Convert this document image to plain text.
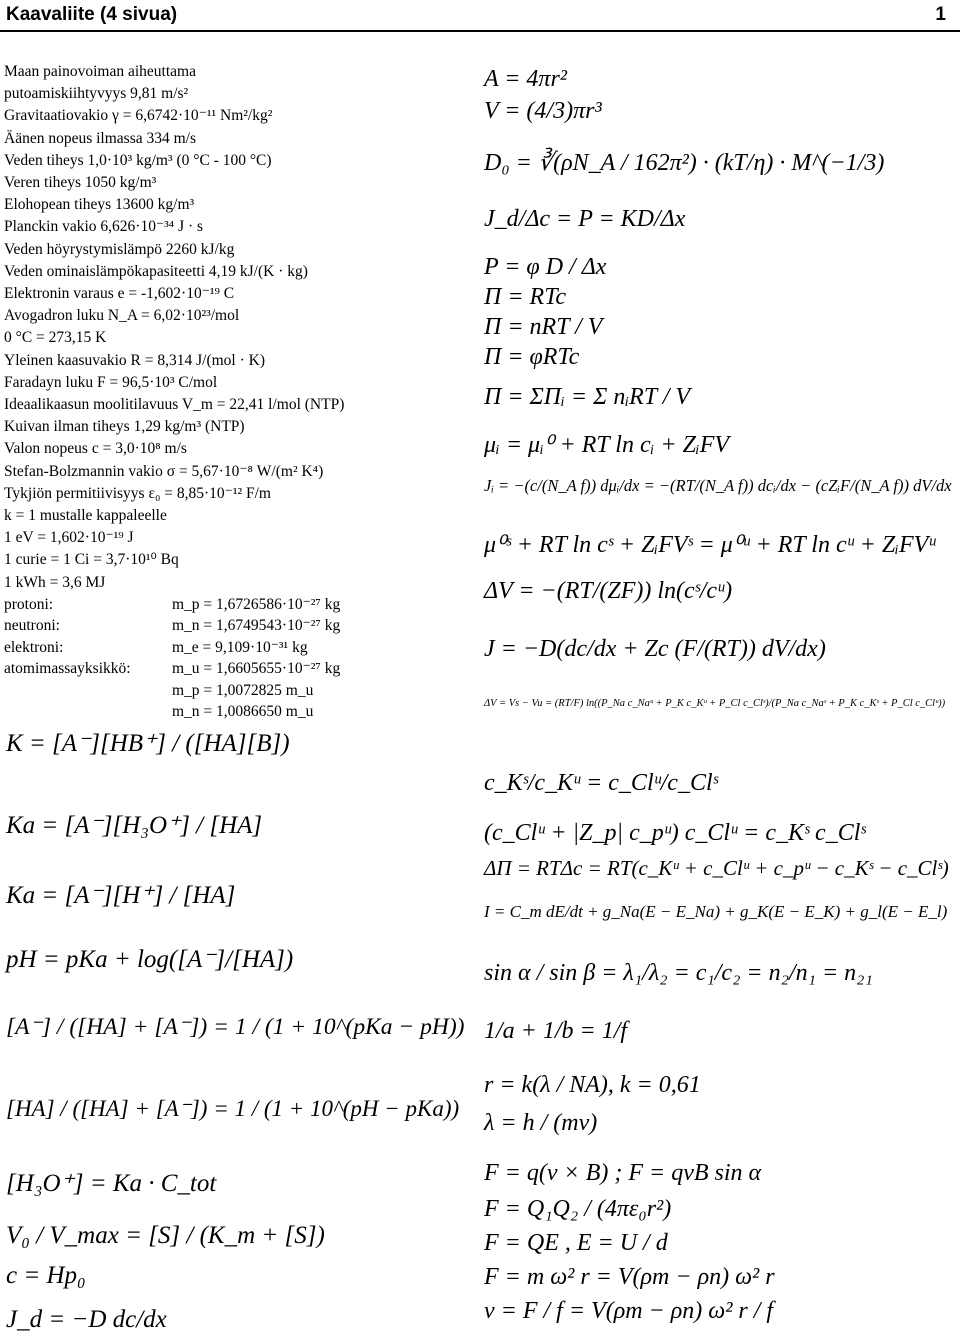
Kaavaliite (4 sivua)	1
Maan painovoiman aiheuttama
putoamiskiihtyvyys 9,81 m/s²
Gravitaatiovakio γ = 6,6742·10⁻¹¹ Nm²/kg²
Äänen nopeus ilmassa 334 m/s
Veden tiheys 1,0·10³ kg/m³ (0 °C - 100 °C)
Veren tiheys 1050 kg/m³
Elohopean tiheys 13600 kg/m³
Planckin vakio 6,626·10⁻³⁴ J · s
Veden höyrystymislämpö 2260 kJ/kg
Veden ominaislämpökapasiteetti 4,19 kJ/(K · kg)
Elektronin varaus e = -1,602·10⁻¹⁹ C
Avogadron luku N_A = 6,02·10²³/mol
0 °C = 273,15 K
Yleinen kaasuvakio R = 8,314 J/(mol · K)
Faradayn luku F = 96,5·10³ C/mol
Ideaalikaasun moolitilavuus V_m = 22,41 l/mol (NTP)
Kuivan ilman tiheys 1,29 kg/m³ (NTP)
Valon nopeus c = 3,0·10⁸ m/s
Stefan-Bolzmannin vakio σ = 5,67·10⁻⁸ W/(m² K⁴)
Tykjiön permitiivisyys ε₀ = 8,85·10⁻¹² F/m
k = 1 mustalle kappaleelle
1 eV = 1,602·10⁻¹⁹ J
1 curie = 1 Ci = 3,7·10¹⁰ Bq
1 kWh = 3,6 MJ
protoni:	m_p = 1,6726586·10⁻²⁷ kg
neutroni:	m_n = 1,6749543·10⁻²⁷ kg
elektroni:	m_e = 9,109·10⁻³¹ kg
atomimassayksikkö:	m_u = 1,6605655·10⁻²⁷ kg
	m_p = 1,0072825 m_u
	m_n = 1,0086650 m_u
K = [A⁻][HB⁺] / ([HA][B])
Ka = [A⁻][H₃O⁺] / [HA]
Ka = [A⁻][H⁺] / [HA]
pH = pKa + log([A⁻]/[HA])
[A⁻] / ([HA] + [A⁻]) = 1 / (1 + 10^(pKa − pH))
[HA] / ([HA] + [A⁻]) = 1 / (1 + 10^(pH − pKa))
[H₃O⁺] = Ka · C_tot
V₀ / V_max = [S] / (K_m + [S])
c = Hp₀
J_d = −D dc/dx
A = 4πr²
V = (4/3)πr³
D₀ = ∛(ρN_A / 162π²) · (kT/η) · M^(−1/3)
J_d/Δc = P = KD/Δx
P = φ D / Δx
Π = RTc
Π = nRT / V
Π = φRTc
Π = ΣΠᵢ = Σ nᵢRT / V
μᵢ = μᵢ⁰ + RT ln cᵢ + ZᵢFV
Jᵢ = −(c/(N_A f)) dμᵢ/dx = −(RT/(N_A f)) dcᵢ/dx − (cZᵢF/(N_A f)) dV/dx
μ⁰ˢ + RT ln cˢ + ZᵢFVˢ = μ⁰ᵘ + RT ln cᵘ + ZᵢFVᵘ
ΔV = −(RT/(ZF)) ln(cˢ/cᵘ)
J = −D(dc/dx + Zc (F/(RT)) dV/dx)
ΔV = Vs − Vu = (RT/F) ln((P_Na c_Naᵘ + P_K c_Kᵘ + P_Cl c_Clˢ)/(P_Na c_Naˢ + P_K c_Kˢ + P_Cl c_Clᵘ))
c_Kˢ/c_Kᵘ = c_Clᵘ/c_Clˢ
(c_Clᵘ + |Z_p| c_pᵘ) c_Clᵘ = c_Kˢ c_Clˢ
ΔΠ = RTΔc = RT(c_Kᵘ + c_Clᵘ + c_pᵘ − c_Kˢ − c_Clˢ)
I = C_m dE/dt + g_Na(E − E_Na) + g_K(E − E_K) + g_l(E − E_l)
sin α / sin β = λ₁/λ₂ = c₁/c₂ = n₂/n₁ = n₂₁
1/a + 1/b = 1/f
r = k(λ / NA), k = 0,61
λ = h / (mv)
F = q(v × B) ; F = qvB sin α
F = Q₁Q₂ / (4πε₀r²)
F = QE , E = U / d
F = m ω² r = V(ρm − ρn) ω² r
v = F / f = V(ρm − ρn) ω² r / f
